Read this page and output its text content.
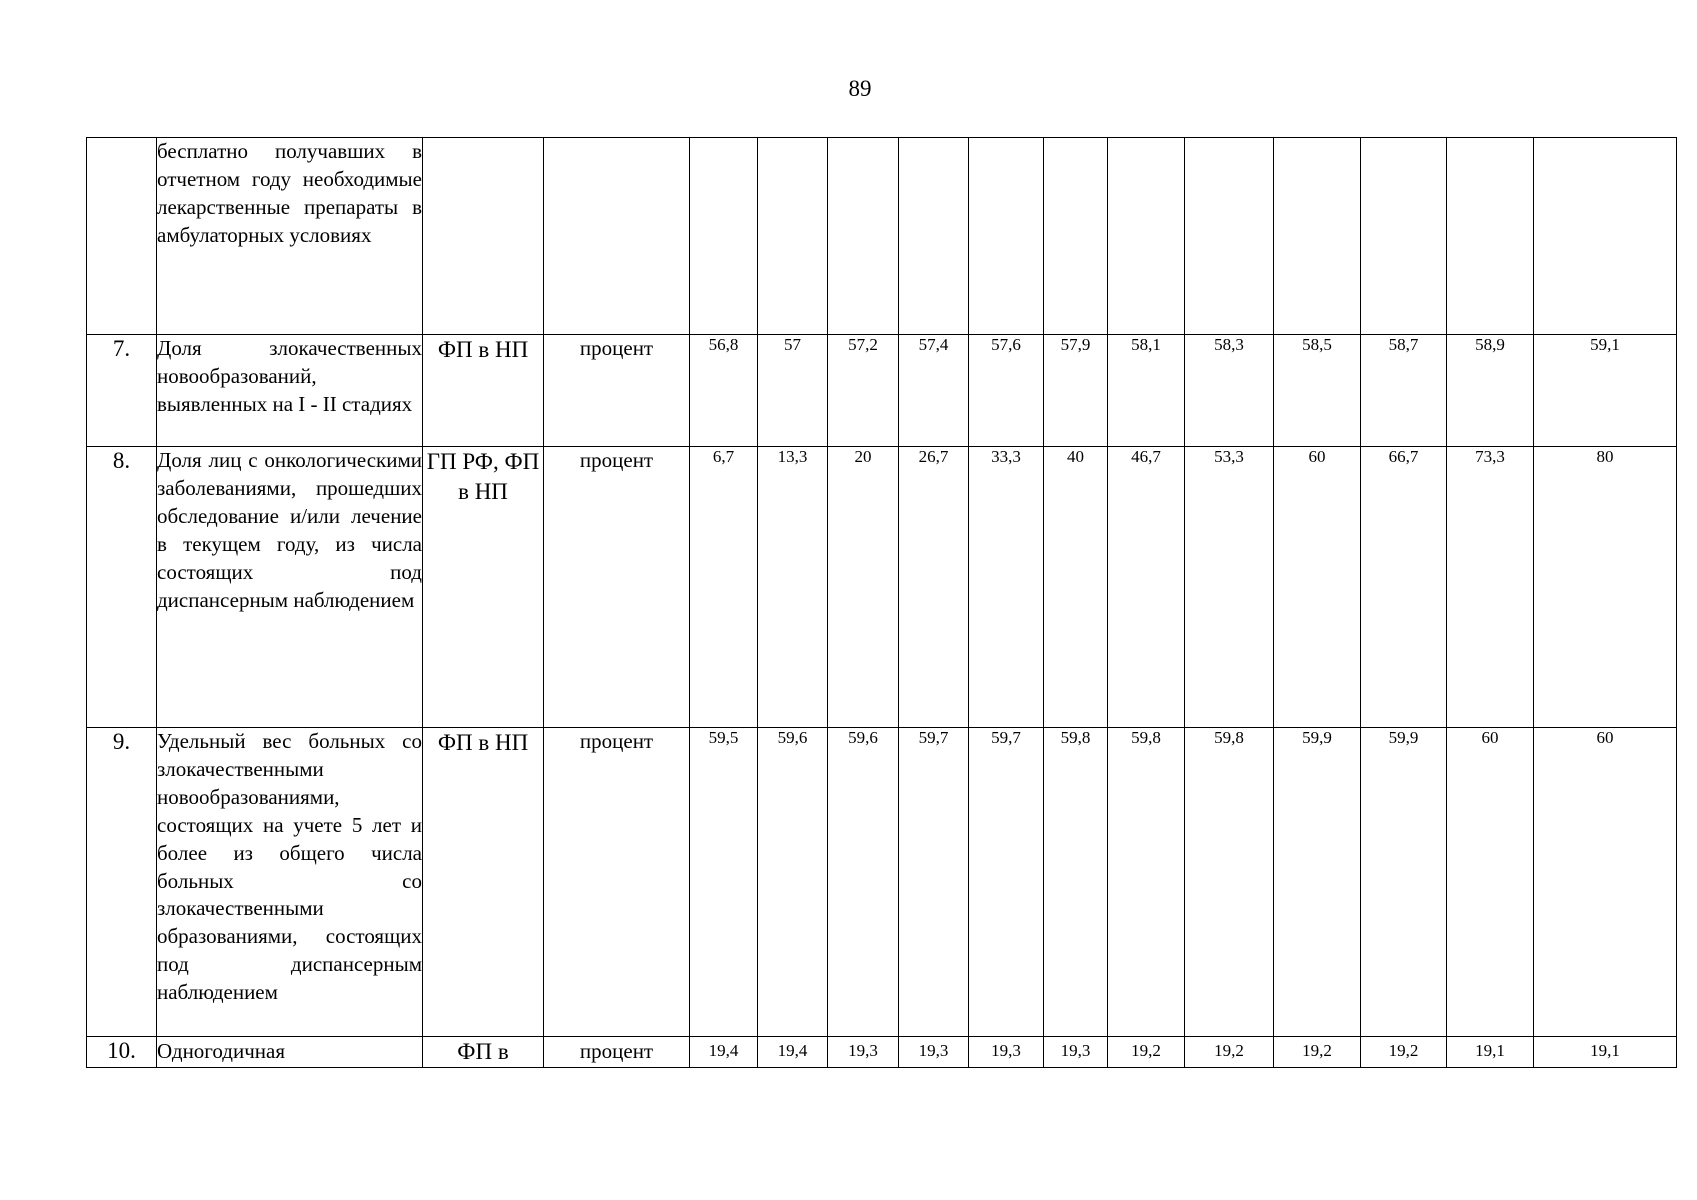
89
	бесплатно получавших в отчетном году необходимые лекарственные препараты в амбулаторных условиях														
7.	Доля злокачественных новообразований, выявленных на I - II стадиях	ФП в НП	процент	56,8	57	57,2	57,4	57,6	57,9	58,1	58,3	58,5	58,7	58,9	59,1
8.	Доля лиц с онкологическими заболеваниями, прошедших обследование и/или лечение в текущем году, из числа состоящих под диспансерным наблюдением	ГП РФ, ФП в НП	процент	6,7	13,3	20	26,7	33,3	40	46,7	53,3	60	66,7	73,3	80
9.	Удельный вес больных со злокачественными новообразованиями, состоящих на учете 5 лет и более из общего числа больных со злокачественными образованиями, состоящих под диспансерным наблюдением	ФП в НП	процент	59,5	59,6	59,6	59,7	59,7	59,8	59,8	59,8	59,9	59,9	60	60
10.	Одногодичная	ФП в	процент	19,4	19,4	19,3	19,3	19,3	19,3	19,2	19,2	19,2	19,2	19,1	19,1
